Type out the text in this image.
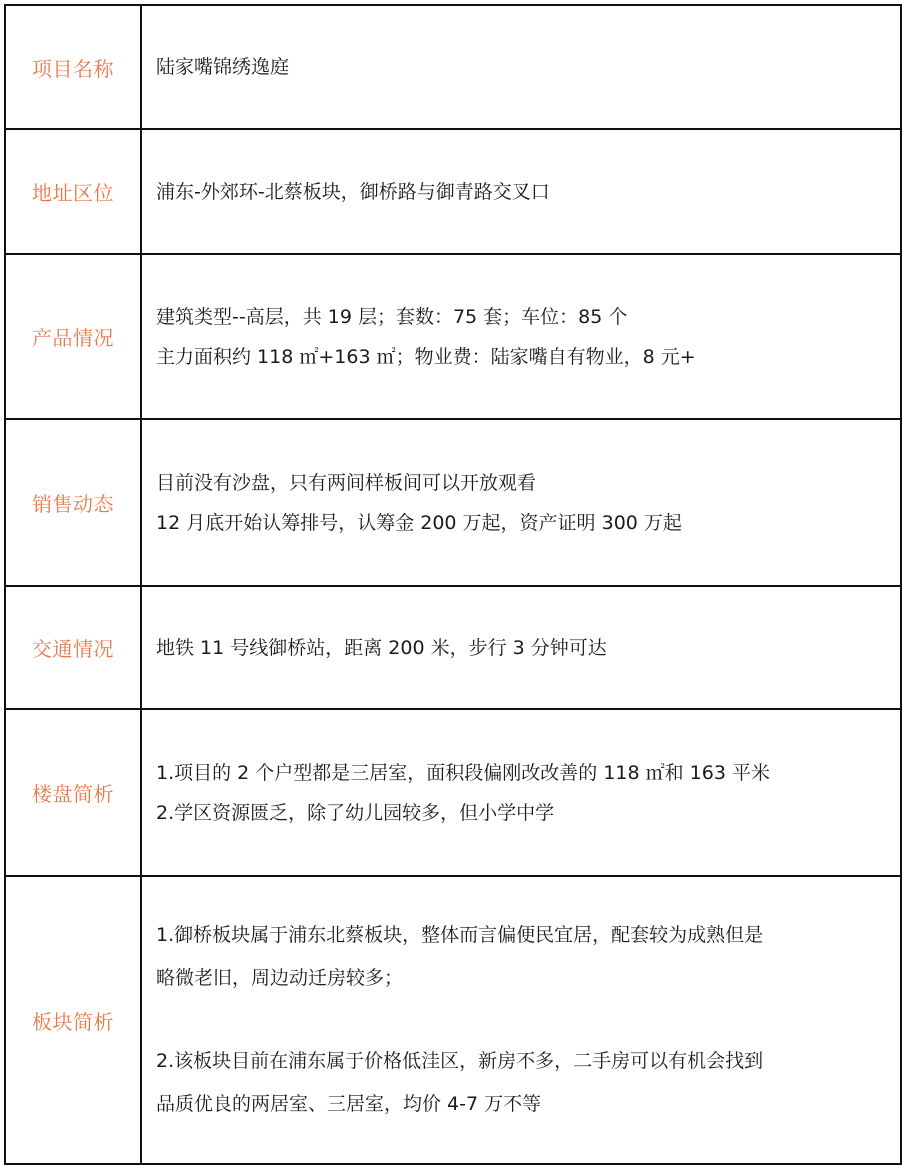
项目名称	陆家嘴锦绣逸庭

地址区位	浦东-外郊环-北蔡板块，御桥路与御青路交叉口

产品情况	建筑类型--高层，共 19 层；套数：75 套；车位：85 个
主力面积约 118 ㎡+163 ㎡；物业费：陆家嘴自有物业，8 元+

销售动态	目前没有沙盘，只有两间样板间可以开放观看
12 月底开始认筹排号，认筹金 200 万起，资产证明 300 万起

交通情况	地铁 11 号线御桥站，距离 200 米，步行 3 分钟可达

楼盘简析	1.项目的 2 个户型都是三居室，面积段偏刚改改善的 118 ㎡和 163 平米
2.学区资源匮乏，除了幼儿园较多，但小学中学

板块简析	1.御桥板块属于浦东北蔡板块，整体而言偏便民宜居，配套较为成熟但是
略微老旧，周边动迁房较多；
2.该板块目前在浦东属于价格低洼区，新房不多，二手房可以有机会找到
品质优良的两居室、三居室，均价 4-7 万不等
